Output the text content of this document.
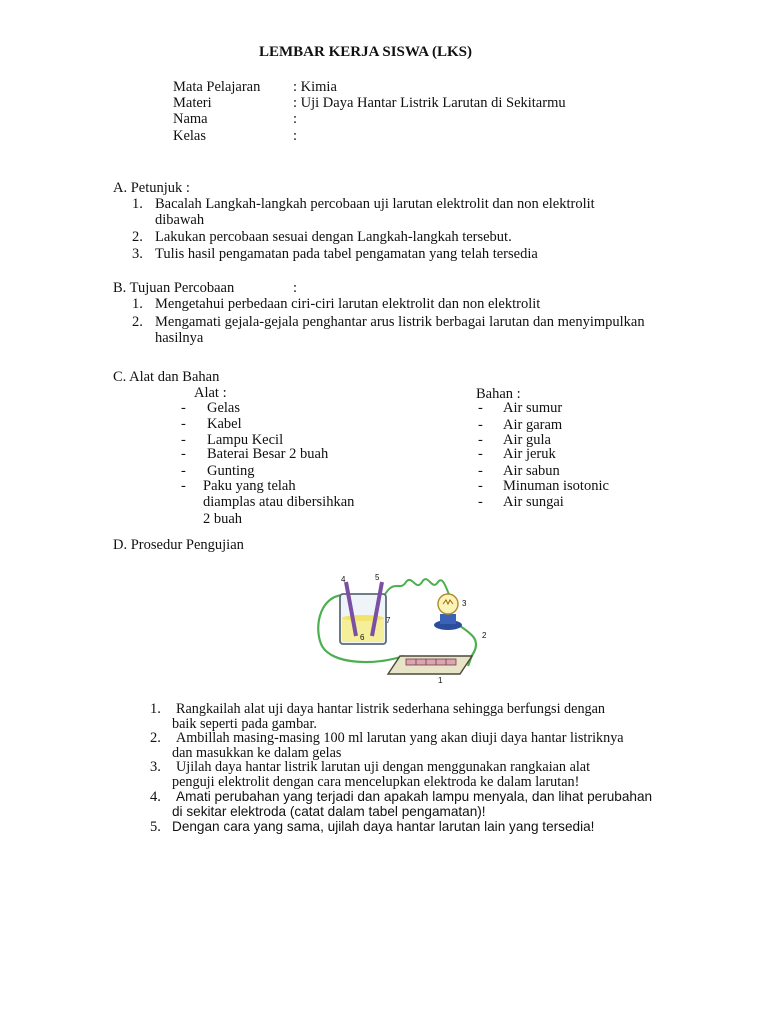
LEMBAR KERJA SISWA (LKS)
Mata Pelajaran : Kimia
Materi	: Uji Daya Hantar Listrik Larutan di Sekitarmu
Nama	:
Kelas	:
A. Petunjuk :
1. Bacalah Langkah-langkah percobaan uji larutan elektrolit dan non elektrolit
dibawah
2. Lakukan percobaan sesuai dengan Langkah-langkah tersebut.
3. Tulis hasil pengamatan pada tabel pengamatan yang telah tersedia
B. Tujuan Percobaan	:
1. Mengetahui perbedaan ciri-ciri larutan elektrolit dan non elektrolit
2. Mengamati gejala-gejala penghantar arus listrik berbagai larutan dan menyimpulkan
hasilnya
C. Alat dan Bahan
Alat :	Bahan :
- Gelas
- Kabel
- Lampu Kecil
- Baterai Besar 2 buah
- Gunting
- Paku yang telah
diamplas atau dibersihkan
2 buah
- Air sumur
- Air garam
- Air gula
- Air jeruk
- Air sabun
- Minuman isotonic
- Air sungai
D. Prosedur Pengujian
4	5
3
7
6	2
1
1. Rangkailah alat uji daya hantar listrik sederhana sehingga berfungsi dengan
baik seperti pada gambar.
2. Ambillah masing-masing 100 ml larutan yang akan diuji daya hantar listriknya
dan masukkan ke dalam gelas
3. Ujilah daya hantar listrik larutan uji dengan menggunakan rangkaian alat
penguji elektrolit dengan cara mencelupkan elektroda ke dalam larutan!
4. Amati perubahan yang terjadi dan apakah lampu menyala, dan lihat perubahan
di sekitar elektroda (catat dalam tabel pengamatan)!
5. Dengan cara yang sama, ujilah daya hantar larutan lain yang tersedia!
